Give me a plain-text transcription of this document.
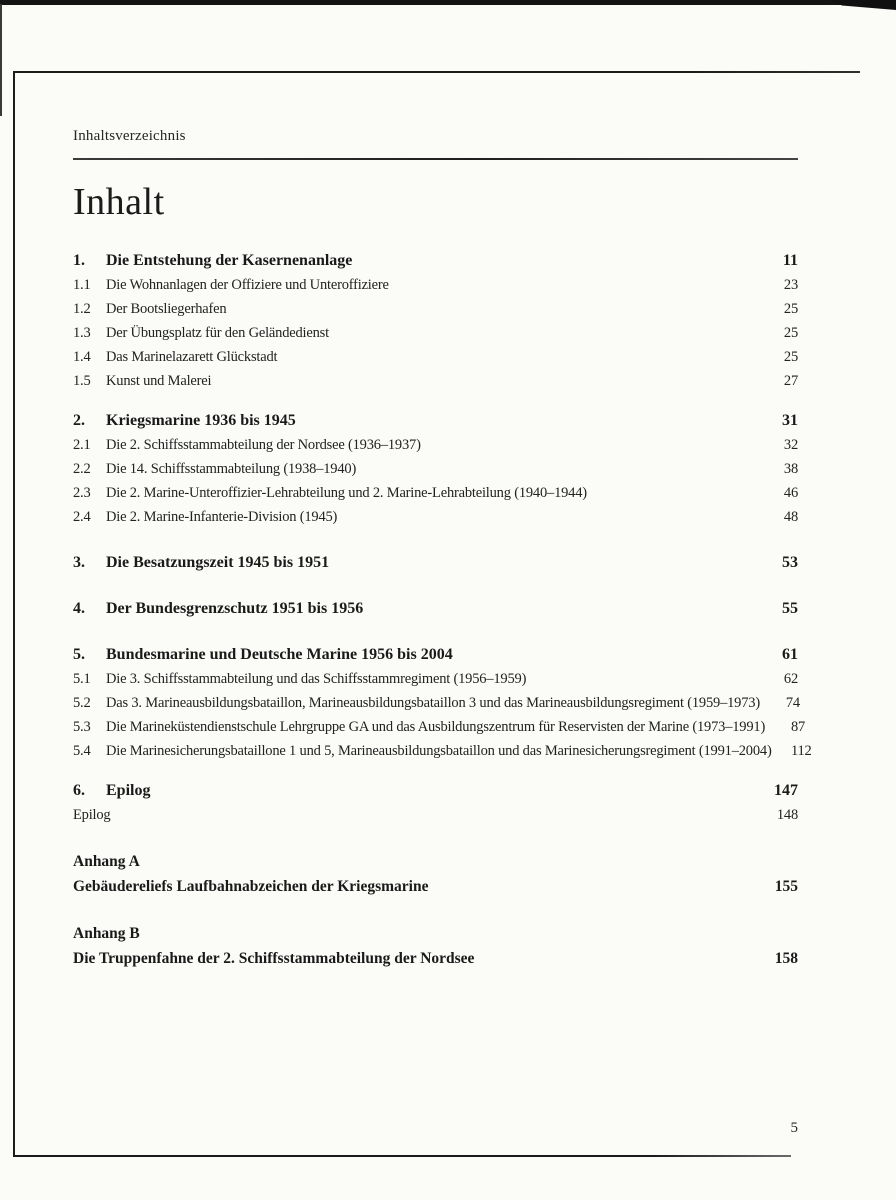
Inhaltsverzeichnis
Inhalt
1.	Die Entstehung der Kasernenanlage	11
1.1	Die Wohnanlagen der Offiziere und Unteroffiziere	23
1.2	Der Bootsliegerhafen	25
1.3	Der Übungsplatz für den Geländedienst	25
1.4	Das Marinelazarett Glückstadt	25
1.5	Kunst und Malerei	27
2.	Kriegsmarine 1936 bis 1945	31
2.1	Die 2. Schiffsstammabteilung der Nordsee (1936–1937)	32
2.2	Die 14. Schiffsstammabteilung (1938–1940)	38
2.3	Die 2. Marine-Unteroffizier-Lehrabteilung und 2. Marine-Lehrabteilung (1940–1944)	46
2.4	Die 2. Marine-Infanterie-Division (1945)	48
3.	Die Besatzungszeit 1945 bis 1951	53
4.	Der Bundesgrenzschutz 1951 bis 1956	55
5.	Bundesmarine und Deutsche Marine 1956 bis 2004	61
5.1	Die 3. Schiffsstammabteilung und das Schiffsstammregiment (1956–1959)	62
5.2	Das 3. Marineausbildungsbataillon, Marineausbildungsbataillon 3 und das Marineausbildungsregiment (1959–1973)	74
5.3	Die Marineküstendienstschule Lehrgruppe GA und das Ausbildungszentrum für Reservisten der Marine (1973–1991)	87
5.4	Die Marinesicherungsbataillone 1 und 5, Marineausbildungsbataillon und das Marinesicherungsregiment (1991–2004)	112
6.	Epilog	147
Epilog	148
Anhang A
Gebäudereliefs Laufbahnabzeichen der Kriegsmarine	155
Anhang B
Die Truppenfahne der 2. Schiffsstammabteilung der Nordsee	158
5
